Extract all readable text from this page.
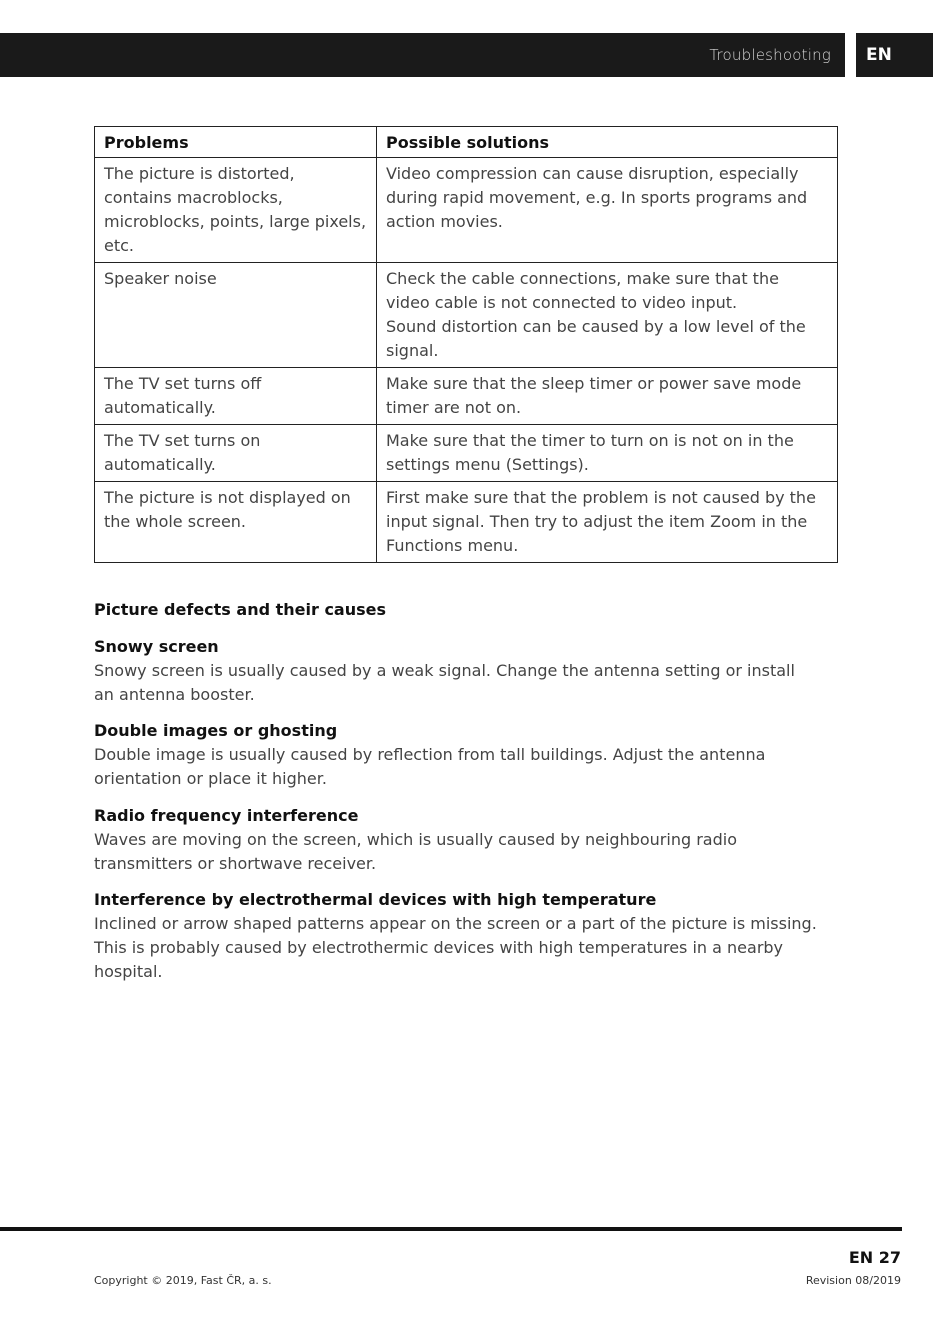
Troubleshooting EN
Problems	Possible solutions

The picture is distorted,
contains macroblocks,
microblocks, points, large pixels,
etc.	Video compression can cause disruption, especially
during rapid movement, e.g. In sports programs and
action movies.

Speaker noise	Check the cable connections, make sure that the
video cable is not connected to video input.
Sound distortion can be caused by a low level of the
signal.

The TV set turns off
automatically.	Make sure that the sleep timer or power save mode
timer are not on.

The TV set turns on
automatically.	Make sure that the timer to turn on is not on in the
settings menu (Settings).

The picture is not displayed on
the whole screen.	First make sure that the problem is not caused by the
input signal. Then try to adjust the item Zoom in the
Functions menu.
Picture defects and their causes
Snowy screen

Snowy screen is usually caused by a weak signal. Change the antenna setting or install

an antenna booster.

Double images or ghosting

Double image is usually caused by reflection from tall buildings. Adjust the antenna

orientation or place it higher.

Radio frequency interference

Waves are moving on the screen, which is usually caused by neighbouring radio

transmitters or shortwave receiver.

Interference by electrothermal devices with high temperature

Inclined or arrow shaped patterns appear on the screen or a part of the picture is missing.

This is probably caused by electrothermic devices with high temperatures in a nearby

hospital.

EN 27
Copyright © 2019, Fast ČR, a. s.	Revision 08/2019
